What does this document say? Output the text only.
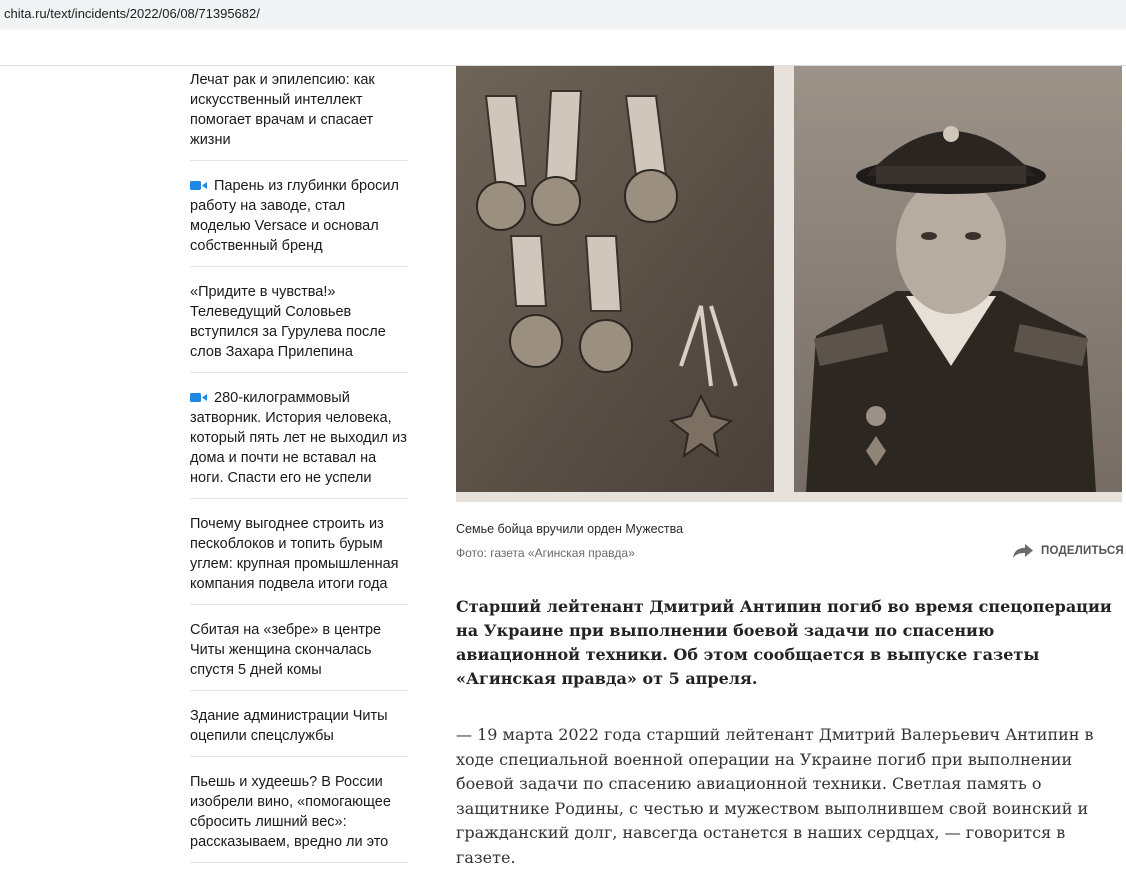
chita.ru/text/incidents/2022/06/08/71395682/
Лечат рак и эпилепсию: как искусственный интеллект помогает врачам и спасает жизни
Парень из глубинки бросил работу на заводе, стал моделью Versace и основал собственный бренд
«Придите в чувства!» Телеведущий Соловьев вступился за Гурулева после слов Захара Прилепина
280-килограммовый затворник. История человека, который пять лет не выходил из дома и почти не вставал на ноги. Спасти его не успели
Почему выгоднее строить из пескоблоков и топить бурым углем: крупная промышленная компания подвела итоги года
Сбитая на «зебре» в центре Читы женщина скончалась спустя 5 дней комы
Здание администрации Читы оцепили спецслужбы
Пьешь и худеешь? В России изобрели вино, «помогающее сбросить лишний вес»: рассказываем, вредно ли это
Семье бойца вручили орден Мужества
Фото: газета «Агинская правда»	ПОДЕЛИТЬСЯ
Старший лейтенант Дмитрий Антипин погиб во время спецоперации на Украине при выполнении боевой задачи по спасению авиационной техники. Об этом сообщается в выпуске газеты «Агинская правда» от 5 апреля.
— 19 марта 2022 года старший лейтенант Дмитрий Валерьевич Антипин в ходе специальной военной операции на Украине погиб при выполнении боевой задачи по спасению авиационной техники. Светлая память о защитнике Родины, с честью и мужеством выполнившем свой воинский и гражданский долг, навсегда останется в наших сердцах, — говорится в газете.
